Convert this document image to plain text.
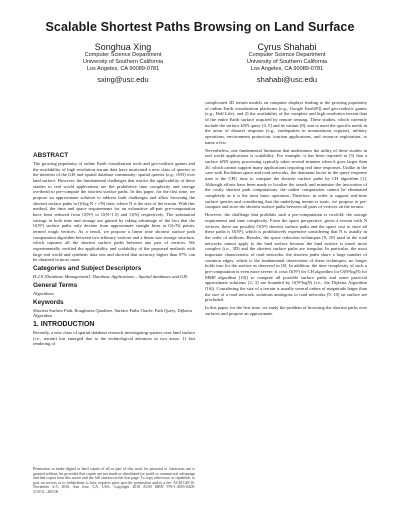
Scalable Shortest Paths Browsing on Land Surface
Songhua Xing
Computer Science Department
University of Southern California
Los Angeles, CA 90089-0781
sxing@usc.edu
Cyrus Shahabi
Computer Science Department
University of Southern California
Los Angeles, CA 90089-0781
shahabi@usc.edu
ABSTRACT

The growing popularity of online Earth visualization tools and geo-realistic games and the availability of high resolution terrain data have motivated a new class of queries to the interests of the GIS and spatial database community: spatial queries (e.g., iNN) over land surface. However, the fundamental challenges that restrict the applicability of these studies to real world applications are the prohibitive time complexity and storage overhead to pre-compute the shortest surface paths. In this paper, for the first time, we propose an approximate solution to address both challenges and allow browsing the shortest surface paths in O(log N + √N) time, where N is the size of the terrain. With this method, the time and space requirements for an exhaustive all-pair pre-computation have been reduced from O(N³) to O(N^1.5) and O(N) respectively. The substantial savings in both time and storage are gained by taking advantage of the fact that the O(N²) surface paths only deviate from approximate straight lines at O(√N) points, termed rough vertices. As a result, we propose a linear time shortest surface path computation algorithm between two arbitrary vertices and a linear size storage structure, which captures all the shortest surface paths between any pair of vertices. We experimentally verified the applicability and scalability of the proposed methods with large real world and synthetic data sets and showed that accuracy higher than 97% can be obtained in most cases.

Categories and Subject Descriptors

H.2.8 [Database Management]: Database Applications – Spatial databases and GIS

General Terms

Algorithms

Keywords

Shortest Surface Path, Roughness Quadtree, Surface Paths Oracle, Path Query, Dijkstra Algorithm

1. INTRODUCTION

Recently, a new class of spatial database research investigating queries over land surface (i.e., terrain) has emerged due to the technological advances in two areas: 1) fast rendering of

Permission to make digital or hard copies of all or part of this work for personal or classroom use is granted without fee provided that copies are not made or distributed for profit or commercial advantage and that copies bear this notice and the full citation on the first page. To copy otherwise, or republish, to post on servers or to redistribute to lists, requires prior specific permission and/or a fee. ACM GIS'10, November 2-5, 2010, San Jose, CA, USA. Copyright 2010 ACM ISBN 978-1-4503-0428-3/10/11...$10.00

complicated 3D terrain models on computer displays leading to the growing popularity of online Earth visualization platforms (e.g., Google Earth[9]) and geo-realistic games (e.g., Half Life), and 2) the availability of the complete and high resolution terrain data of the entire Earth surface acquired by remote sensing. These studies, which currently include the surface kNN query [4, 5] and its variant [8], aim to meet the specific needs in the areas of disaster response (e.g., earthquakes in mountainous regions), military operations, environment protection, tourism applications, and resource exploration, to name a few.

Nevertheless, one fundamental limitation that undermines the utility of these studies in real world applications is scalability. For example, it has been reported in [5] that a surface kNN query processing typically takes several minutes when k goes larger than 20, which cannot support many applications requiring real time responses. Unlike in the case with Euclidean space and road networks, the dominant factor in the query response time is the CPU time to compute the shortest surface paths by CH algorithm [1]. Although efforts have been made to localize the search and minimize the invocation of the costly shortest path computations, the online computation cannot be eliminated completely as it is the most basic operation. Therefore, in order to support real-time surface queries and considering that the underlying terrain is static, we propose to pre-compute and store the shortest surface paths between all pairs of vertices on the terrain.

However, the challenge that prohibits such a pre-computation is twofold: the storage requirement and time complexity. From the space perspective, given a terrain with N vertices, there are possibly O(N²) shortest surface paths and the space cost to store all these paths is O(N³), which is prohibitively expensive considering that N is usually in the order of millions. Besides, the space reduction techniques [9, 10] used in the road networks cannot apply to the land surface because the land surface is much more complex (i.e., 3D) and the shortest surface paths are irregular. In particular, the most important characteristic of road networks: the shortest paths share a large number of common edges, which is the fundamental observation of these techniques, no longer holds true for the surface as observed in [6]. In addition, the time complexity of such a pre-computation is even more severe: it costs O(N³) for CH algorithm (or O(N²logN) for MMP algorithm [10]) to compute all possible surface paths and some practical approximate solutions [2, 3] are bounded by O(N²logN) (i.e., the Dijkstra Algorithm [16]). Considering the size of a terrain is usually several orders of magnitude larger than the size of a road network, solutions analogous to road networks [9, 10] on surface are precluded.

In this paper, for the first time, we study the problem of browsing the shortest paths over surfaces and propose an approximate
